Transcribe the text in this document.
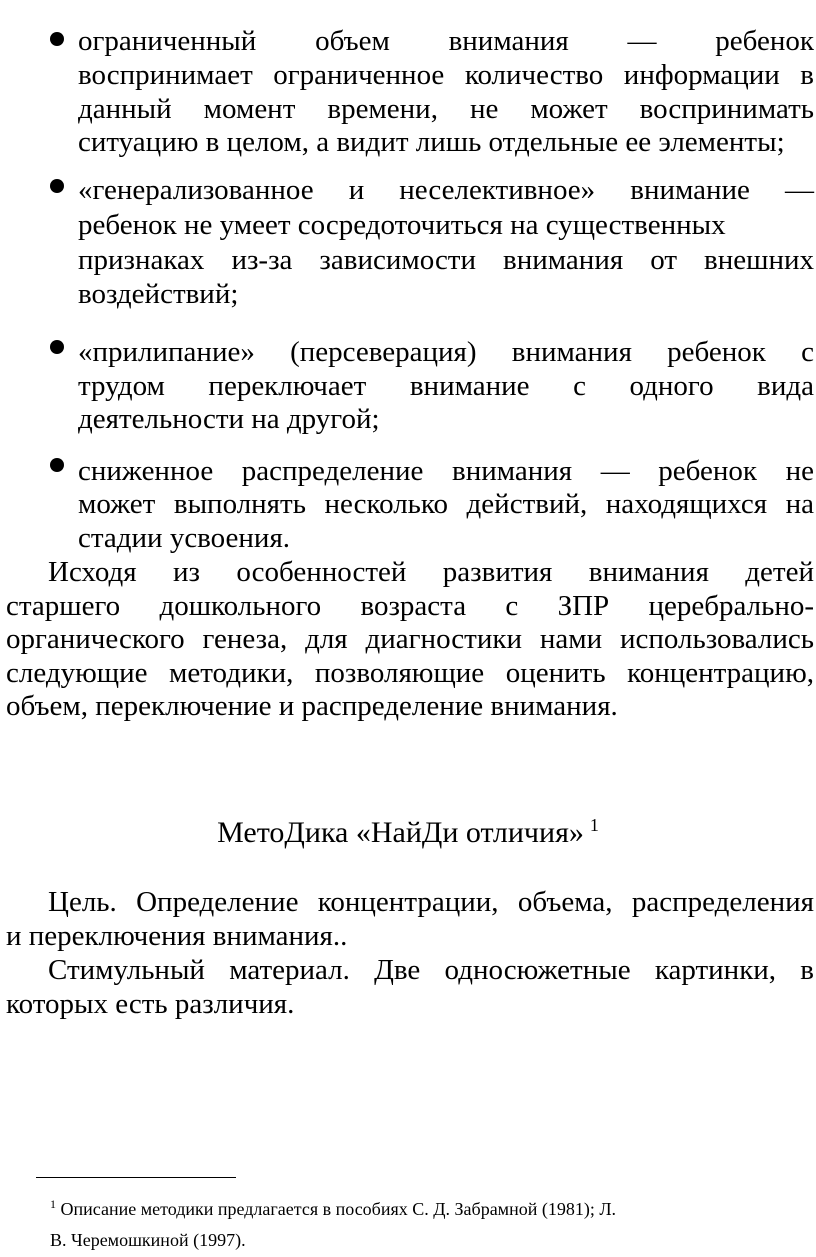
ограниченный объем внимания — ребенок
воспринимает ограниченное количество информации в
данный момент времени, не может воспринимать
ситуацию в целом, а видит лишь отдельные ее элементы;
«генерализованное и неселективное» внимание —
ребенок не умеет сосредоточиться на существенных
признаках из-за зависимости внимания от внешних
воздействий;
«прилипание» (персеверация) внимания ребенок с
трудом переключает внимание с одного вида
деятельности на другой;
сниженное распределение внимания — ребенок не
может выполнять несколько действий, находящихся на
стадии усвоения.
Исходя из особенностей развития внимания детей
старшего дошкольного возраста с ЗПР церебрально-
органического генеза, для диагностики нами использовались
следующие методики, позволяющие оценить концентрацию,
объем, переключение и распределение внимания.
МетоДика «НайДи отличия» $^1$
Цель. Определение концентрации, объема, распределения
и переключения внимания..
Стимульный материал. Две односюжетные картинки, в
которых есть различия.
$^1$ Описание методики предлагается в пособиях С. Д. Забрамной (1981); Л.
В. Черемошкиной (1997).
